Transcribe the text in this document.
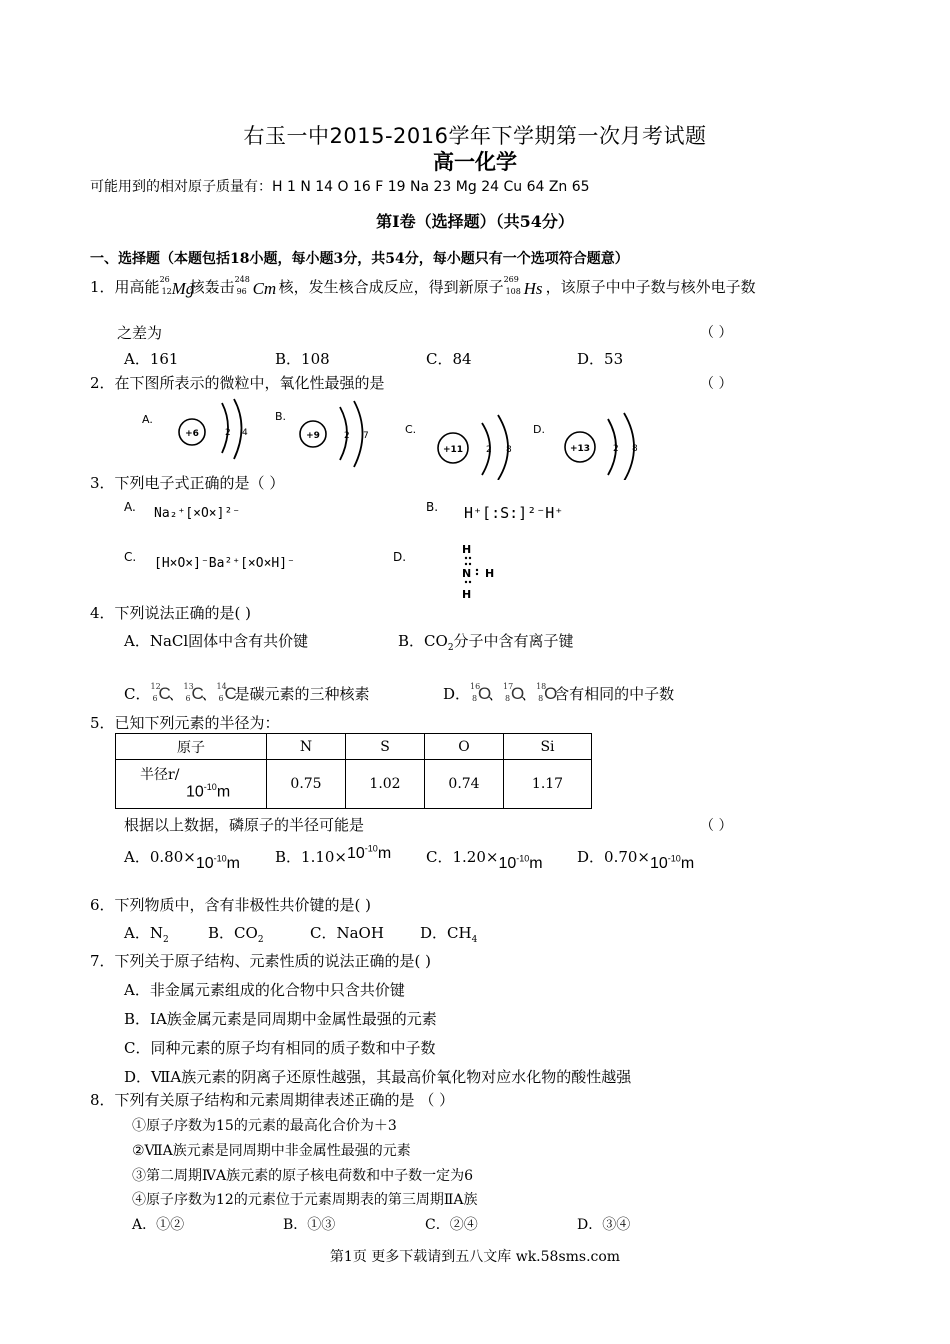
右玉一中2015-2016学年下学期第一次月考试题
高一化学
可能用到的相对原子质量有：H 1 N 14 O 16 F 19 Na 23 Mg 24 Cu 64 Zn 65
第Ⅰ卷（选择题）（共54分）
一、选择题（本题包括18小题，每小题3分，共54分，每小题只有一个选项符合题意）
1．用高能 26
12 Mg
核轰击 248
96 Cm 核，发生核合成反应，得到新原子 269
108 Hs ，该原子中中子数与核外电子数
之差为	（ ）
A．161	B．108	C．84	D．53
2．在下图所表示的微粒中，氧化性最强的是	（ ）
A.
+6	2 4
B.
+9	2 7	C.
+11	2 8
D.
+13	2 8
3．下列电子式正确的是（ ）
A. Na₂⁺[×O×]²⁻	B. H⁺[:S:]²⁻H⁺
C. [H×O×]⁻Ba²⁺[×O×H]⁻	D.
H
N H
H
4．下列说法正确的是( )
A．NaCl固体中含有共价键	B．$CO_2$分子中含有离子键
C． 12
6 C
、 13
6 C
、 14
6 C
是碳元素的三种核素	D． 16
8 O
、 17
8 O
、 18
8 O
含有相同的中子数
5．已知下列元素的半径为：
原子	N	S	O	Si

半径r/
$10^{-10}m$	0.75	1.02	0.74	1.17
根据以上数据，磷原子的半径可能是	（ ）
A．$0.80\times 10^{-10}m$ B．$1.10\times 10^{-10}m$ C．$1.20\times 10^{-10}m$ D．$0.70\times 10^{-10}m$
6．下列物质中，含有非极性共价键的是( )
A．$N_2$	B．$CO_2$	C．NaOH D．$CH_4$
7．下列关于原子结构、元素性质的说法正确的是( )
A．非金属元素组成的化合物中只含共价键
B．ⅠA族金属元素是同周期中金属性最强的元素
C．同种元素的原子均有相同的质子数和中子数
D．ⅦA族元素的阴离子还原性越强，其最高价氧化物对应水化物的酸性越强
8．下列有关原子结构和元素周期律表述正确的是 （ ）
①原子序数为15的元素的最高化合价为＋3
②ⅦA族元素是同周期中非金属性最强的元素
③第二周期ⅣA族元素的原子核电荷数和中子数一定为6
④原子序数为12的元素位于元素周期表的第三周期ⅡA族
A．①②	B．①③	C．②④	D．③④
第1页 更多下载请到五八文库 wk.58sms.com
